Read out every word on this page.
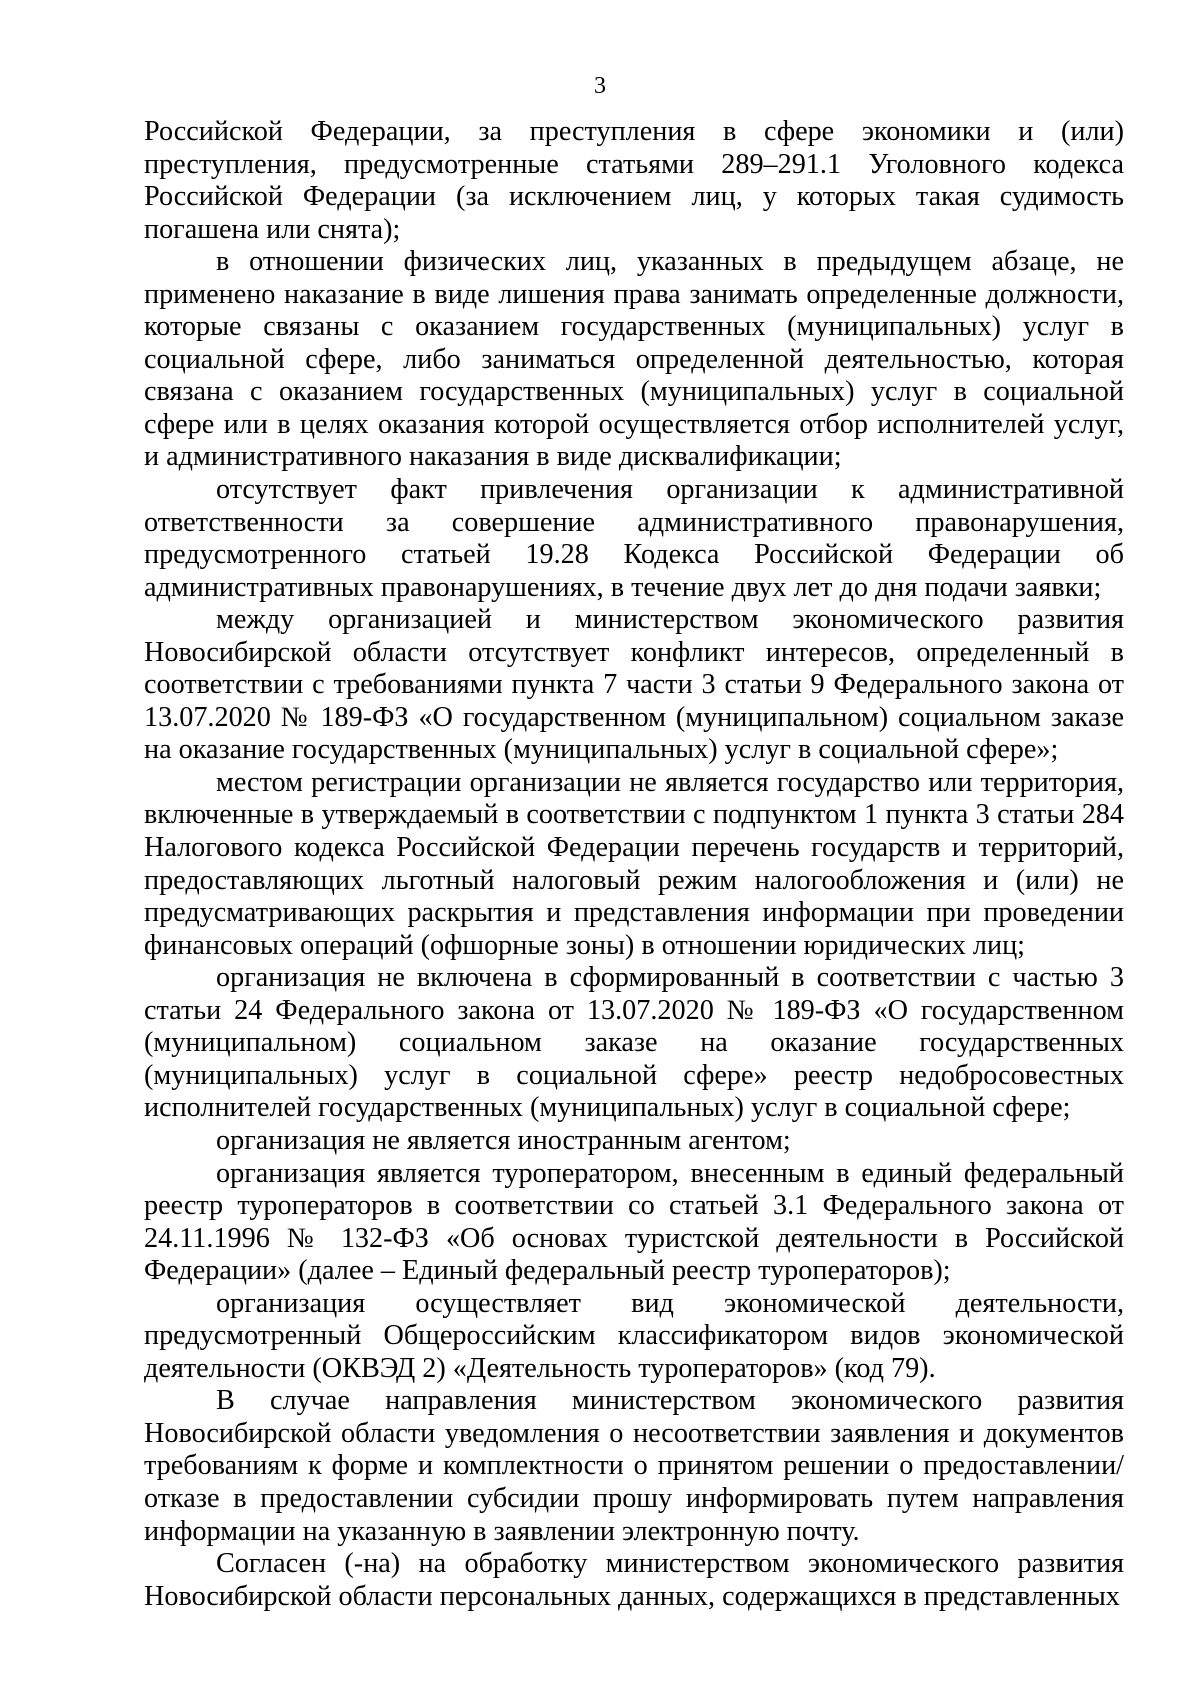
3

Российской Федерации, за преступления в сфере экономики и (или) преступления, предусмотренные статьями 289–291.1 Уголовного кодекса Российской Федерации (за исключением лиц, у которых такая судимость погашена или снята);

в отношении физических лиц, указанных в предыдущем абзаце, не применено наказание в виде лишения права занимать определенные должности, которые связаны с оказанием государственных (муниципальных) услуг в социальной сфере, либо заниматься определенной деятельностью, которая связана с оказанием государственных (муниципальных) услуг в социальной сфере или в целях оказания которой осуществляется отбор исполнителей услуг, и административного наказания в виде дисквалификации;

отсутствует факт привлечения организации к административной ответственности за совершение административного правонарушения, предусмотренного статьей 19.28 Кодекса Российской Федерации об административных правонарушениях, в течение двух лет до дня подачи заявки;

между организацией и министерством экономического развития Новосибирской области отсутствует конфликт интересов, определенный в соответствии с требованиями пункта 7 части 3 статьи 9 Федерального закона от 13.07.2020 № 189-ФЗ «О государственном (муниципальном) социальном заказе на оказание государственных (муниципальных) услуг в социальной сфере»;

местом регистрации организации не является государство или территория, включенные в утверждаемый в соответствии с подпунктом 1 пункта 3 статьи 284 Налогового кодекса Российской Федерации перечень государств и территорий, предоставляющих льготный налоговый режим налогообложения и (или) не предусматривающих раскрытия и представления информации при проведении финансовых операций (офшорные зоны) в отношении юридических лиц;

организация не включена в сформированный в соответствии с частью 3 статьи 24 Федерального закона от 13.07.2020 № 189-ФЗ «О государственном (муниципальном) социальном заказе на оказание государственных (муниципальных) услуг в социальной сфере» реестр недобросовестных исполнителей государственных (муниципальных) услуг в социальной сфере;

организация не является иностранным агентом;

организация является туроператором, внесенным в единый федеральный реестр туроператоров в соответствии со статьей 3.1 Федерального закона от 24.11.1996 № 132-ФЗ «Об основах туристской деятельности в Российской Федерации» (далее – Единый федеральный реестр туроператоров);

организация осуществляет вид экономической деятельности, предусмотренный Общероссийским классификатором видов экономической деятельности (ОКВЭД 2) «Деятельность туроператоров» (код 79).

В случае направления министерством экономического развития Новосибирской области уведомления о несоответствии заявления и документов требованиям к форме и комплектности о принятом решении о предоставлении/отказе в предоставлении субсидии прошу информировать путем направления информации на указанную в заявлении электронную почту.

Согласен (-на) на обработку министерством экономического развития Новосибирской области персональных данных, содержащихся в представленных
